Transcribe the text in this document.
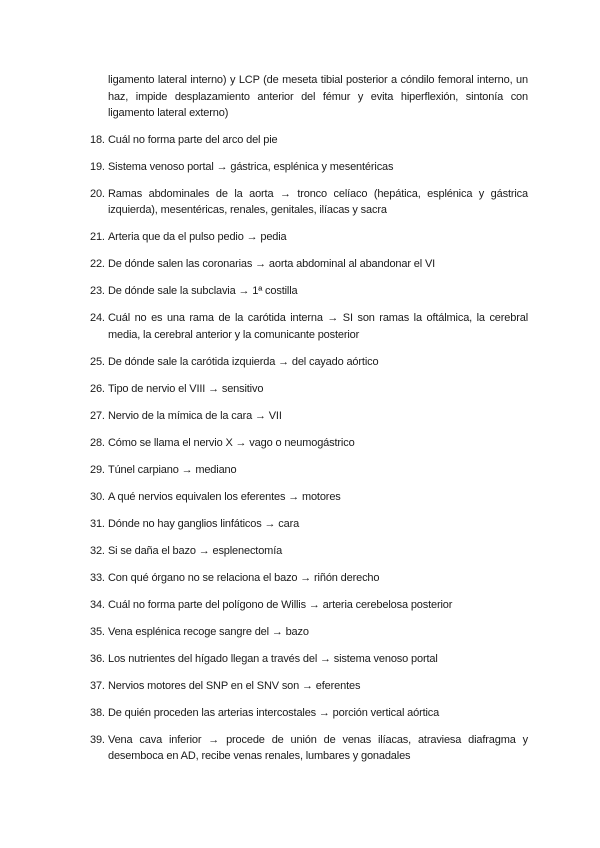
ligamento lateral interno) y LCP (de meseta tibial posterior a cóndilo femoral interno, un haz, impide desplazamiento anterior del fémur y evita hiperflexión, sintonía con ligamento lateral externo)
18. Cuál no forma parte del arco del pie
19. Sistema venoso portal → gástrica, esplénica y mesentéricas
20. Ramas abdominales de la aorta → tronco celíaco (hepática, esplénica y gástrica izquierda), mesentéricas, renales, genitales, ilíacas y sacra
21. Arteria que da el pulso pedio → pedia
22. De dónde salen las coronarias → aorta abdominal al abandonar el VI
23. De dónde sale la subclavia → 1ª costilla
24. Cuál no es una rama de la carótida interna → SI son ramas la oftálmica, la cerebral media, la cerebral anterior y la comunicante posterior
25. De dónde sale la carótida izquierda → del cayado aórtico
26. Tipo de nervio el VIII → sensitivo
27. Nervio de la mímica de la cara → VII
28. Cómo se llama el nervio X → vago o neumogástrico
29. Túnel carpiano → mediano
30. A qué nervios equivalen los eferentes → motores
31. Dónde no hay ganglios linfáticos → cara
32. Si se daña el bazo → esplenectomía
33. Con qué órgano no se relaciona el bazo → riñón derecho
34. Cuál no forma parte del polígono de Willis → arteria cerebelosa posterior
35. Vena esplénica recoge sangre del → bazo
36. Los nutrientes del hígado llegan a través del → sistema venoso portal
37. Nervios motores del SNP en el SNV son → eferentes
38. De quién proceden las arterias intercostales → porción vertical aórtica
39. Vena cava inferior → procede de unión de venas ilíacas, atraviesa diafragma y desemboca en AD, recibe venas renales, lumbares y gonadales
